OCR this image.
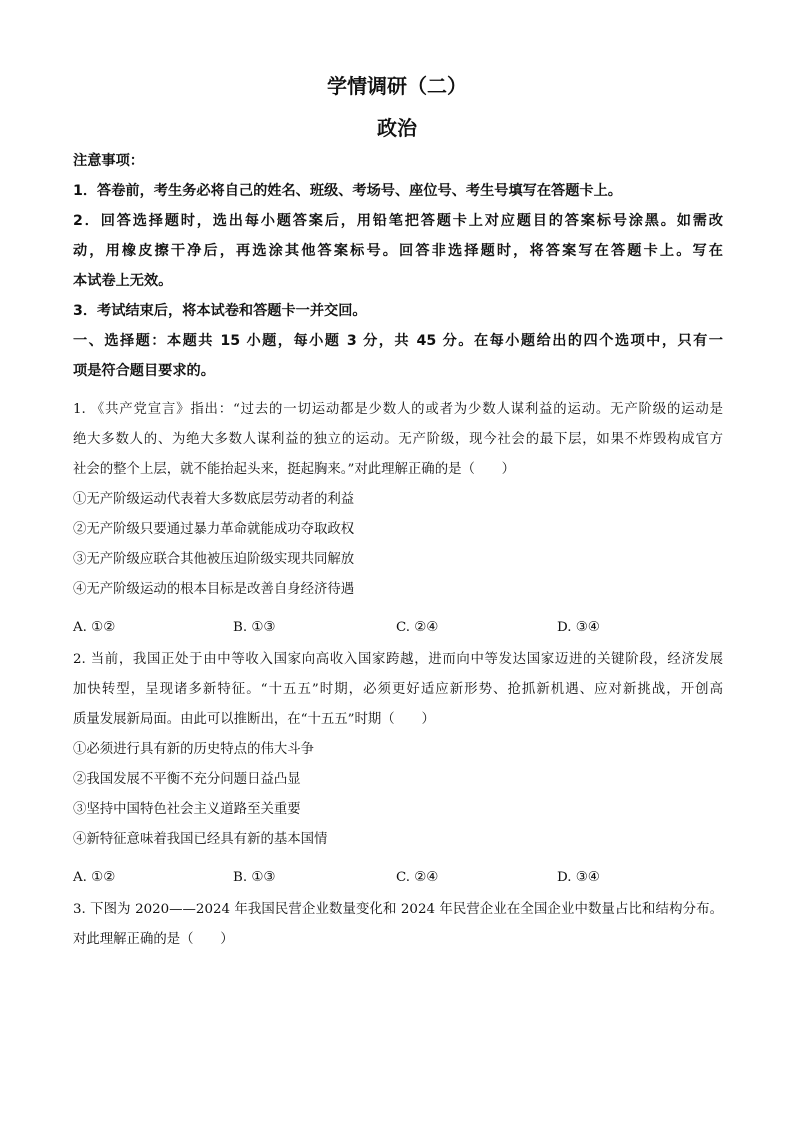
学情调研（二）
政治
注意事项：
1．答卷前，考生务必将自己的姓名、班级、考场号、座位号、考生号填写在答题卡上。
2．回答选择题时，选出每小题答案后，用铅笔把答题卡上对应题目的答案标号涂黑。如需改
动，用橡皮擦干净后，再选涂其他答案标号。回答非选择题时，将答案写在答题卡上。写在
本试卷上无效。
3．考试结束后，将本试卷和答题卡一并交回。
一、选择题：本题共 15 小题，每小题 3 分，共 45 分。在每小题给出的四个选项中，只有一
项是符合题目要求的。
1. 《共产党宣言》指出：“过去的一切运动都是少数人的或者为少数人谋利益的运动。无产阶级的运动是
绝大多数人的、为绝大多数人谋利益的独立的运动。无产阶级，现今社会的最下层，如果不炸毁构成官方
社会的整个上层，就不能抬起头来，挺起胸来。”对此理解正确的是（　　）
①无产阶级运动代表着大多数底层劳动者的利益
②无产阶级只要通过暴力革命就能成功夺取政权
③无产阶级应联合其他被压迫阶级实现共同解放
④无产阶级运动的根本目标是改善自身经济待遇
A. ①②	B. ①③	C. ②④	D. ③④
2. 当前，我国正处于由中等收入国家向高收入国家跨越，进而向中等发达国家迈进的关键阶段，经济发展
加快转型，呈现诸多新特征。“十五五”时期，必须更好适应新形势、抢抓新机遇、应对新挑战，开创高
质量发展新局面。由此可以推断出，在“十五五”时期（　　）
①必须进行具有新的历史特点的伟大斗争
②我国发展不平衡不充分问题日益凸显
③坚持中国特色社会主义道路至关重要
④新特征意味着我国已经具有新的基本国情
A. ①②	B. ①③	C. ②④	D. ③④
3. 下图为 2020——2024 年我国民营企业数量变化和 2024 年民营企业在全国企业中数量占比和结构分布。
对此理解正确的是（　　）
